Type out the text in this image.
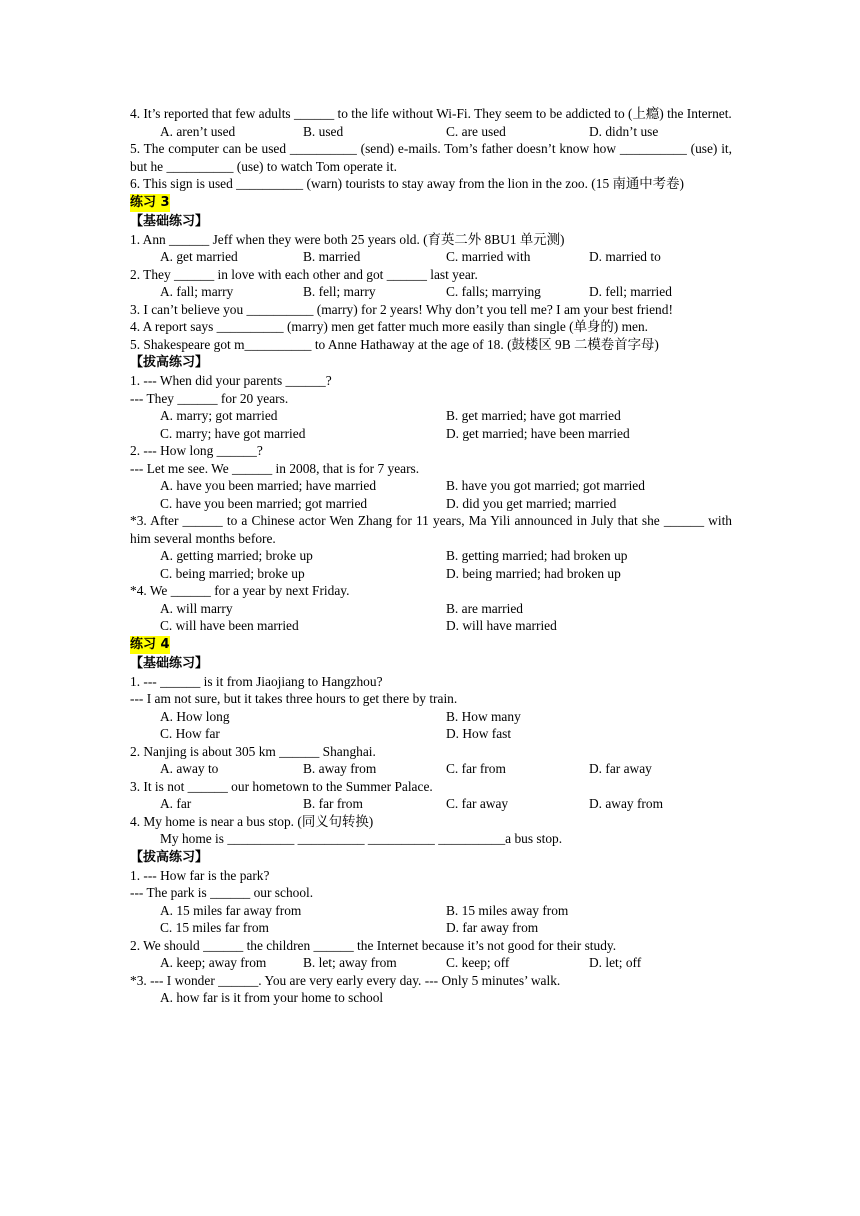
4. It’s reported that few adults ______ to the life without Wi-Fi. They seem to be addicted to (上瘾) the Internet.
A. aren’t used	B. used	C. are used	D. didn’t use
5. The computer can be used __________ (send) e-mails. Tom’s father doesn’t know how __________ (use) it, but he __________ (use) to watch Tom operate it.
6. This sign is used __________ (warn) tourists to stay away from the lion in the zoo. (15 南通中考卷)
练习 3
【基础练习】
1. Ann ______ Jeff when they were both 25 years old. (育英二外 8BU1 单元测)
A. get married	B. married	C. married with	D. married to
2. They ______ in love with each other and got ______ last year.
A. fall; marry	B. fell; marry	C. falls; marrying	D. fell; married
3. I can’t believe you __________ (marry) for 2 years! Why don’t you tell me? I am your best friend!
4. A report says __________ (marry) men get fatter much more easily than single (单身的) men.
5. Shakespeare got m__________ to Anne Hathaway at the age of 18. (鼓楼区 9B 二模卷首字母)
【拔高练习】
1. --- When did your parents ______?
--- They ______ for 20 years.
A. marry; got married	B. get married; have got married
C. marry; have got married	D. get married; have been married
2. --- How long ______?
--- Let me see. We ______ in 2008, that is for 7 years.
A. have you been married; have married	B. have you got married; got married
C. have you been married; got married	D. did you get married; married
*3. After ______ to a Chinese actor Wen Zhang for 11 years, Ma Yili announced in July that she ______ with him several months before.
A. getting married; broke up	B. getting married; had broken up
C. being married; broke up	D. being married; had broken up
*4. We ______ for a year by next Friday.
A. will marry	B. are married
C. will have been married	D. will have married
练习 4
【基础练习】
1. --- ______ is it from Jiaojiang to Hangzhou?
--- I am not sure, but it takes three hours to get there by train.
A. How long	B. How many
C. How far	D. How fast
2. Nanjing is about 305 km ______ Shanghai.
A. away to	B. away from	C. far from	D. far away
3. It is not ______ our hometown to the Summer Palace.
A. far	B. far from	C. far away	D. away from
4. My home is near a bus stop. (同义句转换)
My home is __________ __________ __________ __________a bus stop.
【拔高练习】
1. --- How far is the park?
--- The park is ______ our school.
A. 15 miles far away from	B. 15 miles away from
C. 15 miles far from	D. far away from
2. We should ______ the children ______ the Internet because it’s not good for their study.
A. keep; away from	B. let; away from	C. keep; off	D. let; off
*3. --- I wonder ______. You are very early every day. --- Only 5 minutes’ walk.
A. how far is it from your home to school
